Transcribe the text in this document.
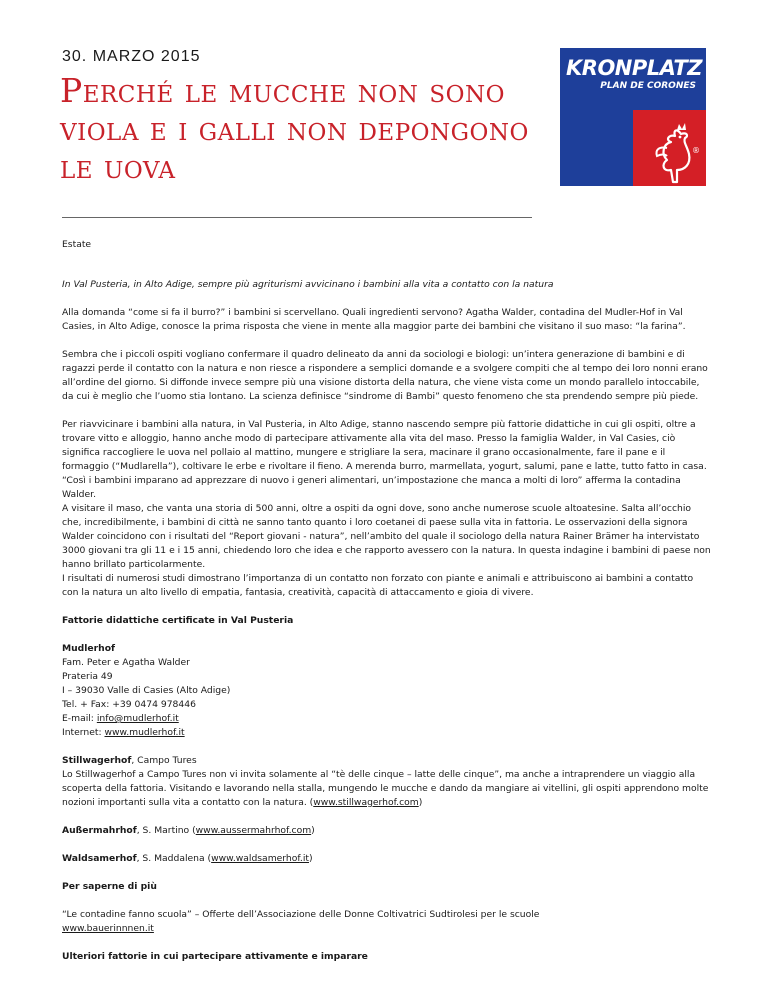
30. MARZO 2015
Perché le mucche non sono viola e i galli non depongono le uova
KRONPLATZ
PLAN DE CORONES
®

Estate

In Val Pusteria, in Alto Adige, sempre più agriturismi avvicinano i bambini alla vita a contatto con la natura

Alla domanda “come si fa il burro?” i bambini si scervellano. Quali ingredienti servono? Agatha Walder, contadina del Mudler-Hof in Val Casies, in Alto Adige, conosce la prima risposta che viene in mente alla maggior parte dei bambini che visitano il suo maso: “la farina”.

Sembra che i piccoli ospiti vogliano confermare il quadro delineato da anni da sociologi e biologi: un’intera generazione di bambini e di ragazzi perde il contatto con la natura e non riesce a rispondere a semplici domande e a svolgere compiti che al tempo dei loro nonni erano all’ordine del giorno. Si diffonde invece sempre più una visione distorta della natura, che viene vista come un mondo parallelo intoccabile, da cui è meglio che l’uomo stia lontano. La scienza definisce “sindrome di Bambi” questo fenomeno che sta prendendo sempre più piede.

Per riavvicinare i bambini alla natura, in Val Pusteria, in Alto Adige, stanno nascendo sempre più fattorie didattiche in cui gli ospiti, oltre a trovare vitto e alloggio, hanno anche modo di partecipare attivamente alla vita del maso. Presso la famiglia Walder, in Val Casies, ciò significa raccogliere le uova nel pollaio al mattino, mungere e strigliare la sera, macinare il grano occasionalmente, fare il pane e il formaggio (“Mudlarella”), coltivare le erbe e rivoltare il fieno. A merenda burro, marmellata, yogurt, salumi, pane e latte, tutto fatto in casa. “Così i bambini imparano ad apprezzare di nuovo i generi alimentari, un’impostazione che manca a molti di loro” afferma la contadina Walder.

A visitare il maso, che vanta una storia di 500 anni, oltre a ospiti da ogni dove, sono anche numerose scuole altoatesine. Salta all’occhio che, incredibilmente, i bambini di città ne sanno tanto quanto i loro coetanei di paese sulla vita in fattoria. Le osservazioni della signora Walder coincidono con i risultati del “Report giovani - natura”, nell’ambito del quale il sociologo della natura Rainer Brämer ha intervistato 3000 giovani tra gli 11 e i 15 anni, chiedendo loro che idea e che rapporto avessero con la natura. In questa indagine i bambini di paese non hanno brillato particolarmente.

I risultati di numerosi studi dimostrano l’importanza di un contatto non forzato con piante e animali e attribuiscono ai bambini a contatto con la natura un alto livello di empatia, fantasia, creatività, capacità di attaccamento e gioia di vivere.

Fattorie didattiche certificate in Val Pusteria

Mudlerhof

Fam. Peter e Agatha Walder

Prateria 49

I – 39030 Valle di Casies (Alto Adige)

Tel. + Fax: +39 0474 978446

E-mail: info@mudlerhof.it

Internet: www.mudlerhof.it

Stillwagerhof, Campo Tures

Lo Stillwagerhof a Campo Tures non vi invita solamente al “tè delle cinque – latte delle cinque”, ma anche a intraprendere un viaggio alla scoperta della fattoria. Visitando e lavorando nella stalla, mungendo le mucche e dando da mangiare ai vitellini, gli ospiti apprendono molte nozioni importanti sulla vita a contatto con la natura. (www.stillwagerhof.com)

Außermahrhof, S. Martino (www.aussermahrhof.com)

Waldsamerhof, S. Maddalena (www.waldsamerhof.it)

Per saperne di più

“Le contadine fanno scuola” – Offerte dell’Associazione delle Donne Coltivatrici Sudtirolesi per le scuole

www.bauerinnnen.it

Ulteriori fattorie in cui partecipare attivamente e imparare
